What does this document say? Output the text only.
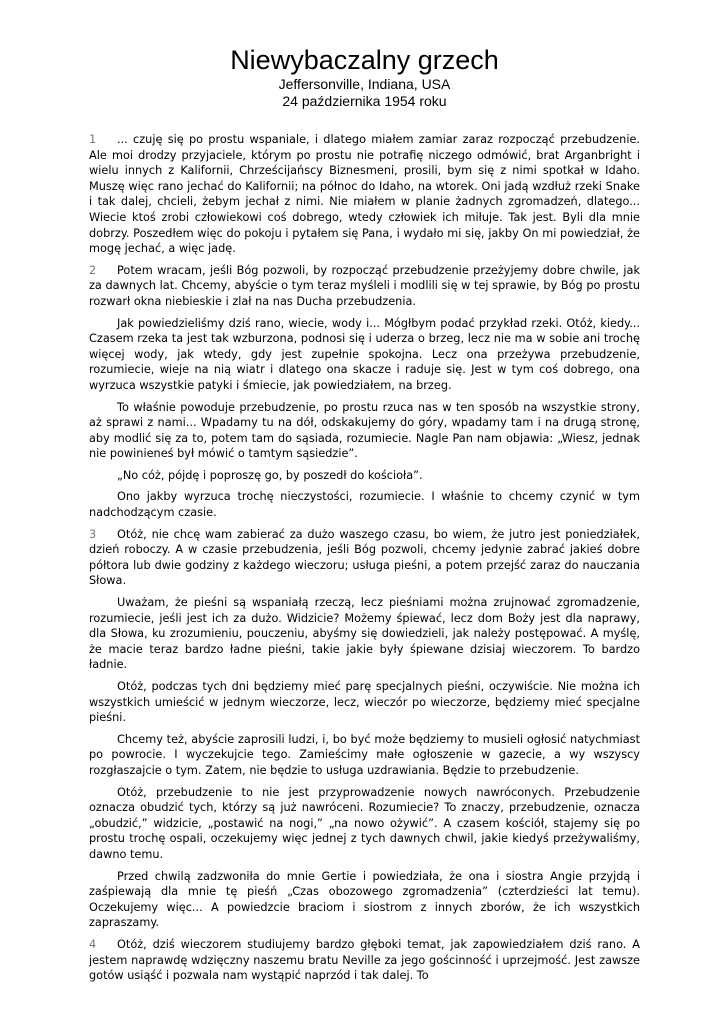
Niewybaczalny grzech

Jeffersonville, Indiana, USA

24 października 1954 roku

1 ... czuję się po prostu wspaniale, i dlatego miałem zamiar zaraz rozpocząć przebudzenie. Ale moi drodzy przyjaciele, którym po prostu nie potrafię niczego odmówić, brat Arganbright i wielu innych z Kalifornii, Chrześcijańscy Biznesmeni, prosili, bym się z nimi spotkał w Idaho. Muszę więc rano jechać do Kalifornii; na północ do Idaho, na wtorek. Oni jadą wzdłuż rzeki Snake i tak dalej, chcieli, żebym jechał z nimi. Nie miałem w planie żadnych zgromadzeń, dlatego... Wiecie ktoś zrobi człowiekowi coś dobrego, wtedy człowiek ich miłuje. Tak jest. Byli dla mnie dobrzy. Poszedłem więc do pokoju i pytałem się Pana, i wydało mi się, jakby On mi powiedział, że mogę jechać, a więc jadę.

2 Potem wracam, jeśli Bóg pozwoli, by rozpocząć przebudzenie przeżyjemy dobre chwile, jak za dawnych lat. Chcemy, abyście o tym teraz myśleli i modlili się w tej sprawie, by Bóg po prostu rozwarł okna niebieskie i zlał na nas Ducha przebudzenia.

Jak powiedzieliśmy dziś rano, wiecie, wody i... Mógłbym podać przykład rzeki. Otóż, kiedy... Czasem rzeka ta jest tak wzburzona, podnosi się i uderza o brzeg, lecz nie ma w sobie ani trochę więcej wody, jak wtedy, gdy jest zupełnie spokojna. Lecz ona przeżywa przebudzenie, rozumiecie, wieje na nią wiatr i dlatego ona skacze i raduje się. Jest w tym coś dobrego, ona wyrzuca wszystkie patyki i śmiecie, jak powiedziałem, na brzeg.

To właśnie powoduje przebudzenie, po prostu rzuca nas w ten sposób na wszystkie strony, aż sprawi z nami... Wpadamy tu na dół, odskakujemy do góry, wpadamy tam i na drugą stronę, aby modlić się za to, potem tam do sąsiada, rozumiecie. Nagle Pan nam objawia: „Wiesz, jednak nie powinieneś był mówić o tamtym sąsiedzie”.

„No cóż, pójdę i poproszę go, by poszedł do kościoła”.

Ono jakby wyrzuca trochę nieczystości, rozumiecie. I właśnie to chcemy czynić w tym nadchodzącym czasie.

3 Otóż, nie chcę wam zabierać za dużo waszego czasu, bo wiem, że jutro jest poniedziałek, dzień roboczy. A w czasie przebudzenia, jeśli Bóg pozwoli, chcemy jedynie zabrać jakieś dobre półtora lub dwie godziny z każdego wieczoru; usługa pieśni, a potem przejść zaraz do nauczania Słowa.

Uważam, że pieśni są wspaniałą rzeczą, lecz pieśniami można zrujnować zgromadzenie, rozumiecie, jeśli jest ich za dużo. Widzicie? Możemy śpiewać, lecz dom Boży jest dla naprawy, dla Słowa, ku zrozumieniu, pouczeniu, abyśmy się dowiedzieli, jak należy postępować. A myślę, że macie teraz bardzo ładne pieśni, takie jakie były śpiewane dzisiaj wieczorem. To bardzo ładnie.

Otóż, podczas tych dni będziemy mieć parę specjalnych pieśni, oczywiście. Nie można ich wszystkich umieścić w jednym wieczorze, lecz, wieczór po wieczorze, będziemy mieć specjalne pieśni.

Chcemy też, abyście zaprosili ludzi, i, bo być może będziemy to musieli ogłosić natychmiast po powrocie. I wyczekujcie tego. Zamieścimy małe ogłoszenie w gazecie, a wy wszyscy rozgłaszajcie o tym. Zatem, nie będzie to usługa uzdrawiania. Będzie to przebudzenie.

Otóż, przebudzenie to nie jest przyprowadzenie nowych nawróconych. Przebudzenie oznacza obudzić tych, którzy są już nawróceni. Rozumiecie? To znaczy, przebudzenie, oznacza „obudzić,” widzicie, „postawić na nogi,” „na nowo ożywić”. A czasem kościół, stajemy się po prostu trochę ospali, oczekujemy więc jednej z tych dawnych chwil, jakie kiedyś przeżywaliśmy, dawno temu.

Przed chwilą zadzwoniła do mnie Gertie i powiedziała, że ona i siostra Angie przyjdą i zaśpiewają dla mnie tę pieśń „Czas obozowego zgromadzenia” (czterdzieści lat temu). Oczekujemy więc... A powiedzcie braciom i siostrom z innych zborów, że ich wszystkich zapraszamy.

4 Otóż, dziś wieczorem studiujemy bardzo głęboki temat, jak zapowiedziałem dziś rano. A jestem naprawdę wdzięczny naszemu bratu Neville za jego gościnność i uprzejmość. Jest zawsze gotów usiąść i pozwala nam wystąpić naprzód i tak dalej. To
